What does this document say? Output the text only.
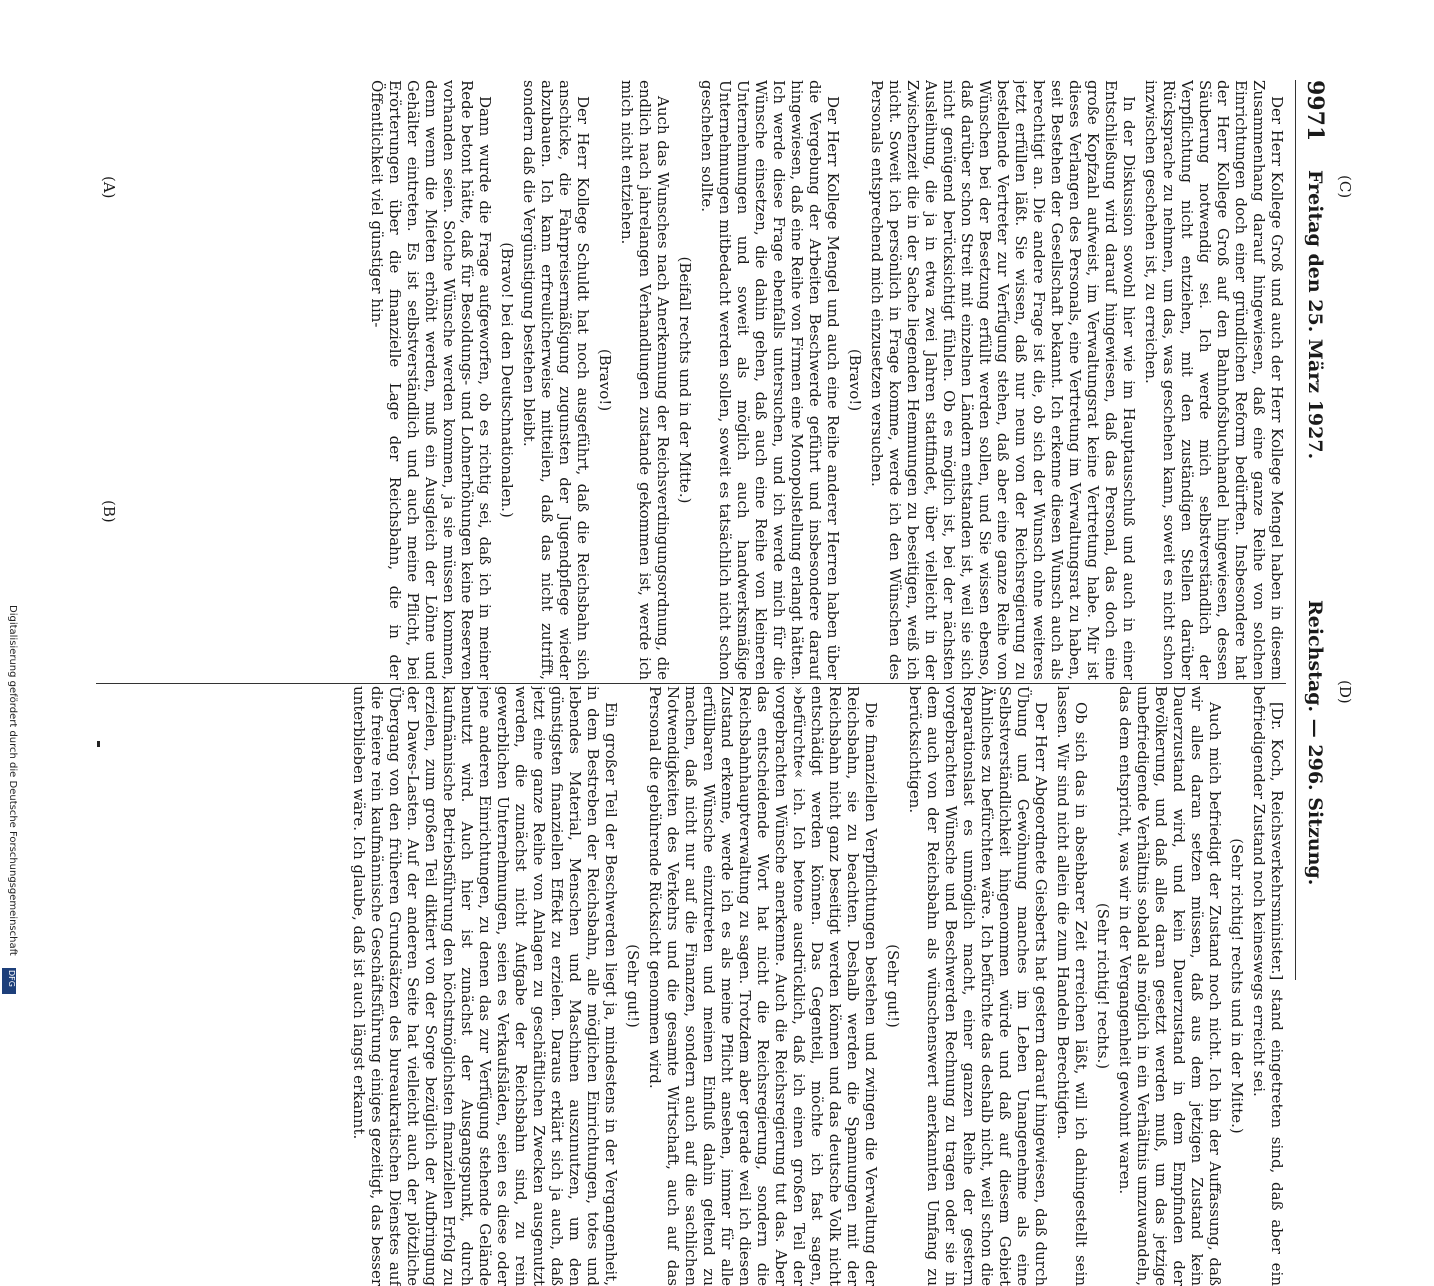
Freitag den 25. März 1927.
Reichstag. — 296. Sitzung.
9971

Der Herr Kollege Groß und auch der Herr Kollege Mengel haben in diesem Zusammenhang darauf hingewiesen, daß eine ganze Reihe von solchen Einrichtungen doch einer gründlichen Reform bedürften. Insbesondere hat der Herr Kollege Groß auf den Bahnhofsbuchhandel hingewiesen, dessen Säuberung notwendig sei. Ich werde mich selbstverständlich der Verpflichtung nicht entziehen, mit den zuständigen Stellen darüber Rücksprache zu nehmen, um das, was geschehen kann, soweit es nicht schon inzwischen geschehen ist, zu erreichen.

In der Diskussion sowohl hier wie im Hauptausschuß und auch in einer Entschließung wird darauf hingewiesen, daß das Personal, das doch eine große Kopfzahl aufweist, im Verwaltungsrat keine Vertretung habe. Mir ist dieses Verlangen des Personals, eine Vertretung im Verwaltungsrat zu haben, seit Bestehen der Gesellschaft bekannt. Ich erkenne diesen Wunsch auch als berechtigt an. Die andere Frage ist die, ob sich der Wunsch ohne weiteres jetzt erfüllen läßt. Sie wissen, daß nur neun von der Reichsregierung zu bestellende Vertreter zur Verfügung stehen, daß aber eine ganze Reihe von Wünschen bei der Besetzung erfüllt werden sollen, und Sie wissen ebenso, daß darüber schon Streit mit einzelnen Ländern entstanden ist, weil sie sich nicht genügend berücksichtigt fühlen. Ob es möglich ist, bei der nächsten Ausleihung, die ja in etwa zwei Jahren stattfindet, über vielleicht in der Zwischenzeit die in der Sache liegenden Hemmungen zu beseitigen, weiß ich nicht. Soweit ich persönlich in Frage komme, werde ich den Wünschen des Personals entsprechend mich einzusetzen versuchen.

(Bravo!)

Der Herr Kollege Mengel und auch eine Reihe anderer Herren haben über die Vergebung der Arbeiten Beschwerde geführt und insbesondere darauf hingewiesen, daß eine Reihe von Firmen eine Monopolstellung erlangt hätten. Ich werde diese Frage ebenfalls untersuchen, und ich werde mich für die Wünsche einsetzen, die dahin gehen, daß auch eine Reihe von kleineren Unternehmungen und soweit als möglich auch handwerksmäßige Unternehmungen mitbedacht werden sollen, soweit es tatsächlich nicht schon geschehen sollte.

(Beifall rechts und in der Mitte.)

Auch das Wunsches nach Anerkennung der Reichsverdingungsordnung, die endlich nach jahrelangen Verhandlungen zustande gekommen ist, werde ich mich nicht entziehen.

(Bravo!)

Der Herr Kollege Schuldt hat noch ausgeführt, daß die Reichsbahn sich anschicke, die Fahrpreisermäßigung zugunsten der Jugendpflege wieder abzubauen. Ich kann erfreulicherweise mitteilen, daß das nicht zutrifft, sondern daß die Vergünstigung bestehen bleibt.

(Bravo! bei den Deutschnationalen.)

Dann wurde die Frage aufgeworfen, ob es richtig sei, daß ich in meiner Rede betont hätte, daß für Besoldungs- und Lohnerhöhungen keine Reserven vorhanden seien. Solche Wünsche werden kommen, ja sie müssen kommen, denn wenn die Mieten erhöht werden, muß ein Ausgleich der Löhne und Gehälter eintreten. Es ist selbstverständlich und auch meine Pflicht, bei Erörterungen über die finanzielle Lage der Reichsbahn, die in der Öffentlichkeit viel günstiger hin-

[Dr. Koch, Reichsverkehrsminister.] stand eingetreten sind, daß aber ein befriedigender Zustand noch keineswegs erreicht sei.

(Sehr richtig! rechts und in der Mitte.)

Auch mich befriedigt der Zustand noch nicht. Ich bin der Auffassung, daß wir alles daran setzen müssen, daß aus dem jetzigen Zustand kein Dauerzustand wird, und kein Dauerzustand in dem Empfinden der Bevölkerung, und daß alles daran gesetzt werden muß, um das jetzige unbefriedigende Verhältnis sobald als möglich in ein Verhältnis umzuwandeln, das dem entspricht, was wir in der Vergangenheit gewohnt waren.

(Sehr richtig! rechts.)

Ob sich das in absehbarer Zeit erreichen läßt, will ich dahingestellt sein lassen. Wir sind nicht allein die zum Handeln Berechtigten.

Der Herr Abgeordnete Giesberts hat gestern darauf hingewiesen, daß durch Übung und Gewöhnung manches im Leben Unangenehme als eine Selbstverständlichkeit hingenommen würde und daß auf diesem Gebiet Ähnliches zu befürchten wäre. Ich befürchte das deshalb nicht, weil schon die Reparationslast es unmöglich macht, einer ganzen Reihe der gestern vorgebrachten Wünsche und Beschwerden Rechnung zu tragen oder sie in dem auch von der Reichsbahn als wünschenswert anerkannten Umfang zu berücksichtigen.

(Sehr gut!)

Die finanziellen Verpflichtungen bestehen und zwingen die Verwaltung der Reichsbahn, sie zu beachten. Deshalb werden die Spannungen mit der Reichsbahn nicht ganz beseitigt werden können und das deutsche Volk nicht entschädigt werden können. Das Gegenteil, möchte ich fast sagen, »befürchte« ich. Ich betone ausdrücklich, daß ich einen großen Teil der vorgebrachten Wünsche anerkenne. Auch die Reichsregierung tut das. Aber das entscheidende Wort hat nicht die Reichsregierung, sondern die Reichsbahnhauptverwaltung zu sagen. Trotzdem aber gerade weil ich diesen Zustand erkenne, werde ich es als meine Pflicht ansehen, immer für alle erfüllbaren Wünsche einzutreten und meinen Einfluß dahin geltend zu machen, daß nicht nur auf die Finanzen, sondern auch auf die sachlichen Notwendigkeiten des Verkehrs und die gesamte Wirtschaft, auch auf das Personal die gebührende Rücksicht genommen wird.

(Sehr gut!)

Ein großer Teil der Beschwerden liegt ja, mindestens in der Vergangenheit, in dem Bestreben der Reichsbahn, alle möglichen Einrichtungen, totes und lebendes Material, Menschen und Maschinen auszunutzen, um den günstigsten finanziellen Effekt zu erzielen. Daraus erklärt sich ja auch, daß jetzt eine ganze Reihe von Anlagen zu geschäftlichen Zwecken ausgenutzt werden, die zunächst nicht Aufgabe der Reichsbahn sind, zu rein gewerblichen Unternehmungen, seien es Verkaufsläden, seien es diese oder jene anderen Einrichtungen, zu denen das zur Verfügung stehende Gelände benutzt wird. Auch hier ist zunächst der Ausgangspunkt, durch kaufmännische Betriebsführung den höchstmöglichsten finanziellen Erfolg zu erzielen, zum großen Teil diktiert von der Sorge bezüglich der Aufbringung der Dawes-Lasten. Auf der anderen Seite hat vielleicht auch der plötzliche Übergang von den früheren Grundsätzen des bureaukratischen Dienstes auf die freiere rein kaufmännische Geschäftsführung einiges gezeitigt, das besser unterblieben wäre. Ich glaube, daß ist auch längst erkannt.

(A)
(B)
(C)
(D)
Digitalisierung gefördert durch die Deutsche Forschungsgemeinschaft
DFG
